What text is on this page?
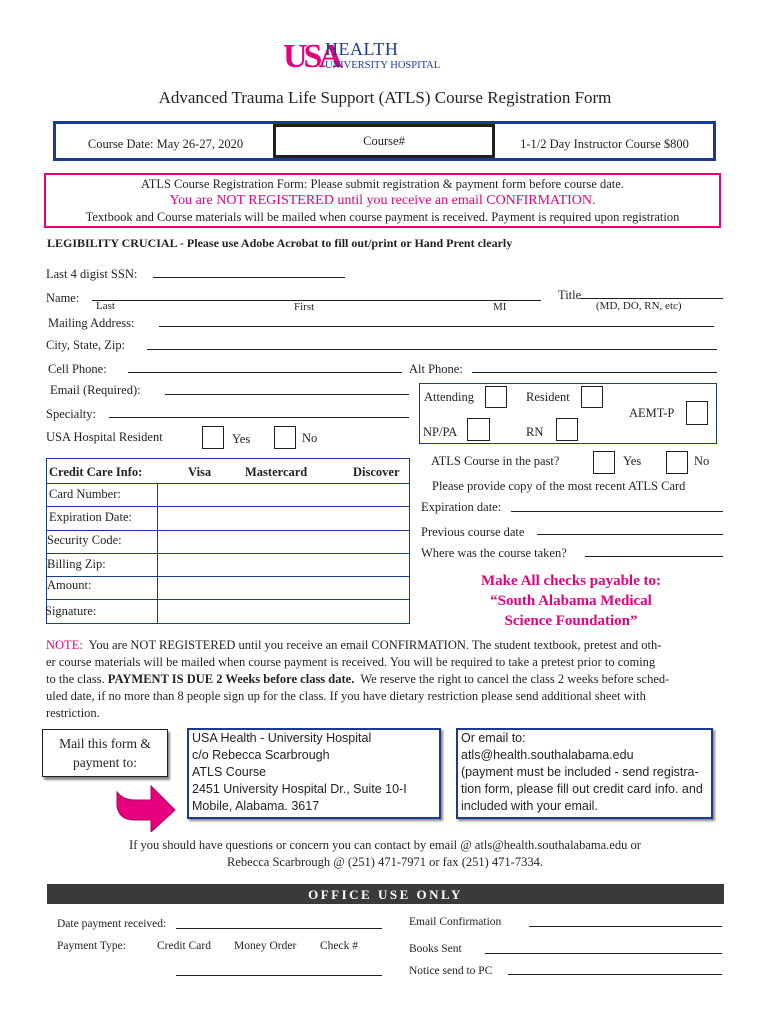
USA
HEALTH
UNIVERSITY HOSPITAL
Advanced Trauma Life Support (ATLS) Course Registration Form
Course Date: May 26-27, 2020	Course#	1-1/2 Day Instructor Course $800
ATLS Course Registration Form: Please submit registration & payment form before course date.
You are NOT REGISTERED until you receive an email CONFIRMATION.
Textbook and Course materials will be mailed when course payment is received. Payment is required upon registration
LEGIBILITY CRUCIAL - Please use Adobe Acrobat to fill out/print or Hand Prent clearly
Last 4 digist SSN:
Name:
Last	First	MI
Title
(MD, DO, RN, etc)
Mailing Address:
City, State, Zip:
Cell Phone:	Alt Phone:
Email (Required):
Specialty:
USA Hospital Resident	Yes	No
Attending	Resident
AEMT-P
NP/PA	RN
Credit Care Info:	Visa	Mastercard	Discover
Card Number:
Expiration Date:
Security Code:
Billing Zip:
Amount:
Signature:
ATLS Course in the past?	Yes	No
Please provide copy of the most recent ATLS Card
Expiration date:
Previous course date
Where was the course taken?
Make All checks payable to:
“South Alabama Medical
Science Foundation”
NOTE: You are NOT REGISTERED until you receive an email CONFIRMATION. The student textbook, pretest and oth-
er course materials will be mailed when course payment is received. You will be required to take a pretest prior to coming
to the class. PAYMENT IS DUE 2 Weeks before class date. We reserve the right to cancel the class 2 weeks before sched-
uled date, if no more than 8 people sign up for the class. If you have dietary restriction please send additional sheet with
restriction.
Mail this form &
payment to:
USA Health - University Hospital
c/o Rebecca Scarbrough
ATLS Course
2451 University Hospital Dr., Suite 10-I
Mobile, Alabama. 3617
Or email to:
atls@health.southalabama.edu
(payment must be included - send registra-
tion form, please fill out credit card info. and
included with your email.
If you should have questions or concern you can contact by email @ atls@health.southalabama.edu or
Rebecca Scarbrough @ (251) 471-7971 or fax (251) 471-7334.
OFFICE USE ONLY
Date payment received:
Payment Type:	Credit Card Money Order Check #
Email Confirmation
Books Sent
Notice send to PC
